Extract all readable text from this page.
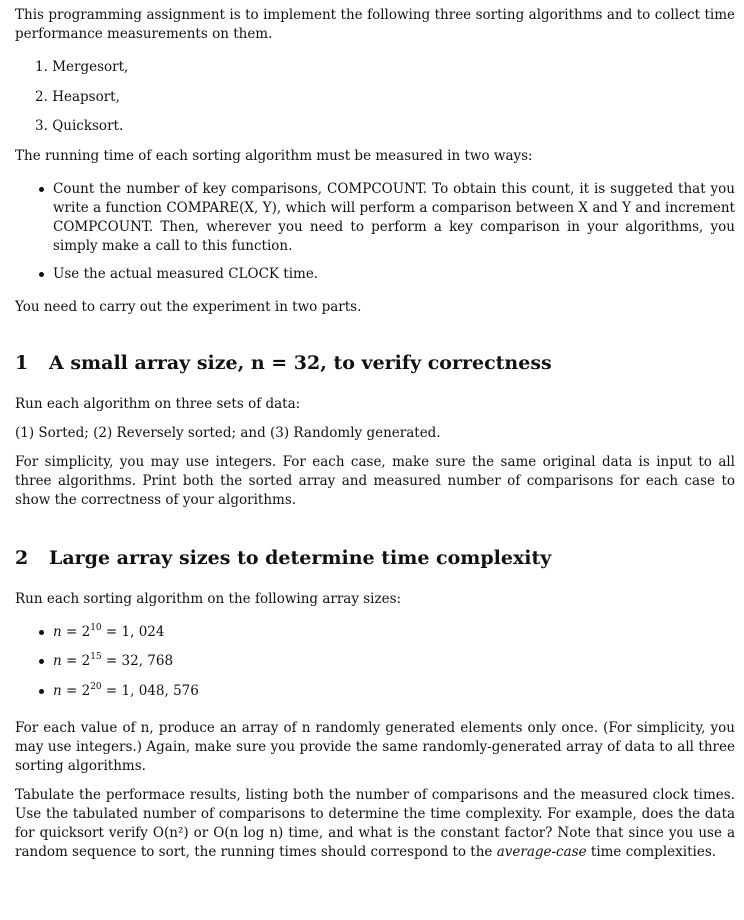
This programming assignment is to implement the following three sorting algorithms and to collect time performance measurements on them.

1. Mergesort,
2. Heapsort,
3. Quicksort.

The running time of each sorting algorithm must be measured in two ways:

Count the number of key comparisons, COMPCOUNT. To obtain this count, it is suggeted that you write a function COMPARE(X, Y), which will perform a comparison between X and Y and increment COMPCOUNT. Then, wherever you need to perform a key comparison in your algorithms, you simply make a call to this function.
Use the actual measured CLOCK time.

You need to carry out the experiment in two parts.

1 A small array size, n = 32, to verify correctness

Run each algorithm on three sets of data:

(1) Sorted; (2) Reversely sorted; and (3) Randomly generated.

For simplicity, you may use integers. For each case, make sure the same original data is input to all three algorithms. Print both the sorted array and measured number of comparisons for each case to show the correctness of your algorithms.

2 Large array sizes to determine time complexity

Run each sorting algorithm on the following array sizes:

$n = 2^{10} = 1$, 024
$n = 2^{15} = 32$, 768
$n = 2^{20} = 1$, 048, 576

For each value of n, produce an array of n randomly generated elements only once. (For simplicity, you may use integers.) Again, make sure you provide the same randomly-generated array of data to all three sorting algorithms.

Tabulate the performace results, listing both the number of comparisons and the measured clock times. Use the tabulated number of comparisons to determine the time complexity. For example, does the data for quicksort verify O(n²) or O(n log n) time, and what is the constant factor? Note that since you use a random sequence to sort, the running times should correspond to the average-case time complexities.
